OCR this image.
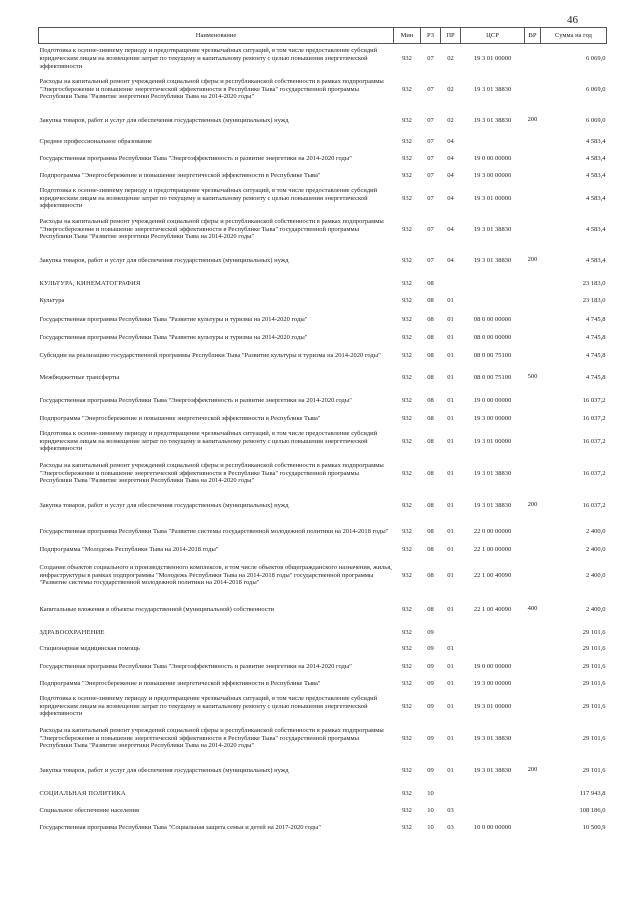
46
Наименование	Мин	РЗ	ПР	ЦСР	ВР	Сумма на год
Подготовка к осенне-зимнему периоду и предотвращение чрезвычайных ситуаций, в том числе предоставление субсидий юридическим лицам на возмещение затрат по текущему и капитальному ремонту с целью повышения энергетической эффективности	932	07	02	19 3 01 00000		6 069,0
Расходы на капитальный ремонт учреждений социальной сферы и республиканской собственности в рамках подпрограммы "Энергосбережение и повышение энергетической эффективности в Республике Тыва" государственной программы Республики Тыва "Развитие энергетики Республики Тыва на 2014-2020 годы"	932	07	02	19 3 01 38830		6 069,0
Закупка товаров, работ и услуг для обеспечения государственных (муниципальных) нужд	932	07	02	19 3 01 38830	200	6 069,0
Среднее профессиональное образование	932	07	04			4 583,4
Государственная программа Республики Тыва "Энергоэффективность и развитие энергетики на 2014-2020 годы"	932	07	04	19 0 00 00000		4 583,4
Подпрограмма "Энергосбережение и повышение энергетической эффективности в Республике Тыва"	932	07	04	19 3 00 00000		4 583,4
Подготовка к осенне-зимнему периоду и предотвращение чрезвычайных ситуаций, в том числе предоставление субсидий юридическим лицам на возмещение затрат по текущему и капитальному ремонту с целью повышения энергетической эффективности	932	07	04	19 3 01 00000		4 583,4
Расходы на капитальный ремонт учреждений социальной сферы и республиканской собственности в рамках подпрограммы "Энергосбережение и повышение энергетической эффективности в Республике Тыва" государственной программы Республики Тыва "Развитие энергетики Республики Тыва на 2014-2020 годы"	932	07	04	19 3 01 38830		4 583,4
Закупка товаров, работ и услуг для обеспечения государственных (муниципальных) нужд	932	07	04	19 3 01 38830	200	4 583,4
КУЛЬТУРА, КИНЕМАТОГРАФИЯ	932	08				23 183,0
Культура	932	08	01			23 183,0
Государственная программа Республики Тыва "Развитие культуры и туризма на 2014-2020 годы"	932	08	01	08 0 00 00000		4 745,8
Государственная программа Республики Тыва "Развитие культуры и туризма на 2014-2020 годы"	932	08	01	08 0 00 00000		4 745,8
Субсидии на реализацию государственной программы Республики Тыва "Развитие культуры и туризма на 2014-2020 годы"	932	08	01	08 0 00 75100		4 745,8
Межбюджетные трансферты	932	08	01	08 0 00 75100	500	4 745,8
Государственная программа Республики Тыва "Энергоэффективность и развитие энергетики на 2014-2020 годы"	932	08	01	19 0 00 00000		16 037,2
Подпрограмма "Энергосбережение и повышение энергетической эффективности в Республике Тыва"	932	08	01	19 3 00 00000		16 037,2
Подготовка к осенне-зимнему периоду и предотвращение чрезвычайных ситуаций, в том числе предоставление субсидий юридическим лицам на возмещение затрат по текущему и капитальному ремонту с целью повышения энергетической эффективности	932	08	01	19 3 01 00000		16 037,2
Расходы на капитальный ремонт учреждений социальной сферы и республиканской собственности в рамках подпрограммы "Энергосбережение и повышение энергетической эффективности в Республике Тыва" государственной программы Республики Тыва "Развитие энергетики Республики Тыва на 2014-2020 годы"	932	08	01	19 3 01 38830		16 037,2
Закупка товаров, работ и услуг для обеспечения государственных (муниципальных) нужд	932	08	01	19 3 01 38830	200	16 037,2
Государственная программа Республики Тыва "Развитие системы государственной молодежной политики на 2014-2018 годы"	932	08	01	22 0 00 00000		2 400,0
Подпрограмма "Молодежь Республики Тыва на 2014-2018 годы"	932	08	01	22 1 00 00000		2 400,0
Создание объектов социального и производственного комплексов, в том числе объектов общегражданского назначения, жилья, инфраструктуры в рамках подпрограммы "Молодежь Республики Тыва на 2014-2018 годы" государственной программы "Развитие системы государственной молодежной политики на 2014-2018 годы"	932	08	01	22 1 00 40090		2 400,0
Капитальные вложения в объекты государственной (муниципальной) собственности	932	08	01	22 1 00 40090	400	2 400,0
ЗДРАВООХРАНЕНИЕ	932	09				29 101,6
Стационарная медицинская помощь	932	09	01			29 101,6
Государственная программа Республики Тыва "Энергоэффективность и развитие энергетики на 2014-2020 годы"	932	09	01	19 0 00 00000		29 101,6
Подпрограмма "Энергосбережение и повышение энергетической эффективности в Республике Тыва"	932	09	01	19 3 00 00000		29 101,6
Подготовка к осенне-зимнему периоду и предотвращение чрезвычайных ситуаций, в том числе предоставление субсидий юридическим лицам на возмещение затрат по текущему и капитальному ремонту с целью повышения энергетической эффективности	932	09	01	19 3 01 00000		29 101,6
Расходы на капитальный ремонт учреждений социальной сферы и республиканской собственности в рамках подпрограммы "Энергосбережение и повышение энергетической эффективности в Республике Тыва" государственной программы Республики Тыва "Развитие энергетики Республики Тыва на 2014-2020 годы"	932	09	01	19 3 01 38830		29 101,6
Закупка товаров, работ и услуг для обеспечения государственных (муниципальных) нужд	932	09	01	19 3 01 38830	200	29 101,6
СОЦИАЛЬНАЯ ПОЛИТИКА	932	10				117 943,8
Социальное обеспечение населения	932	10	03			108 186,0
Государственная программа Республики Тыва "Социальная защита семьи и детей на 2017-2020 годы"	932	10	03	10 0 00 00000		10 500,9
